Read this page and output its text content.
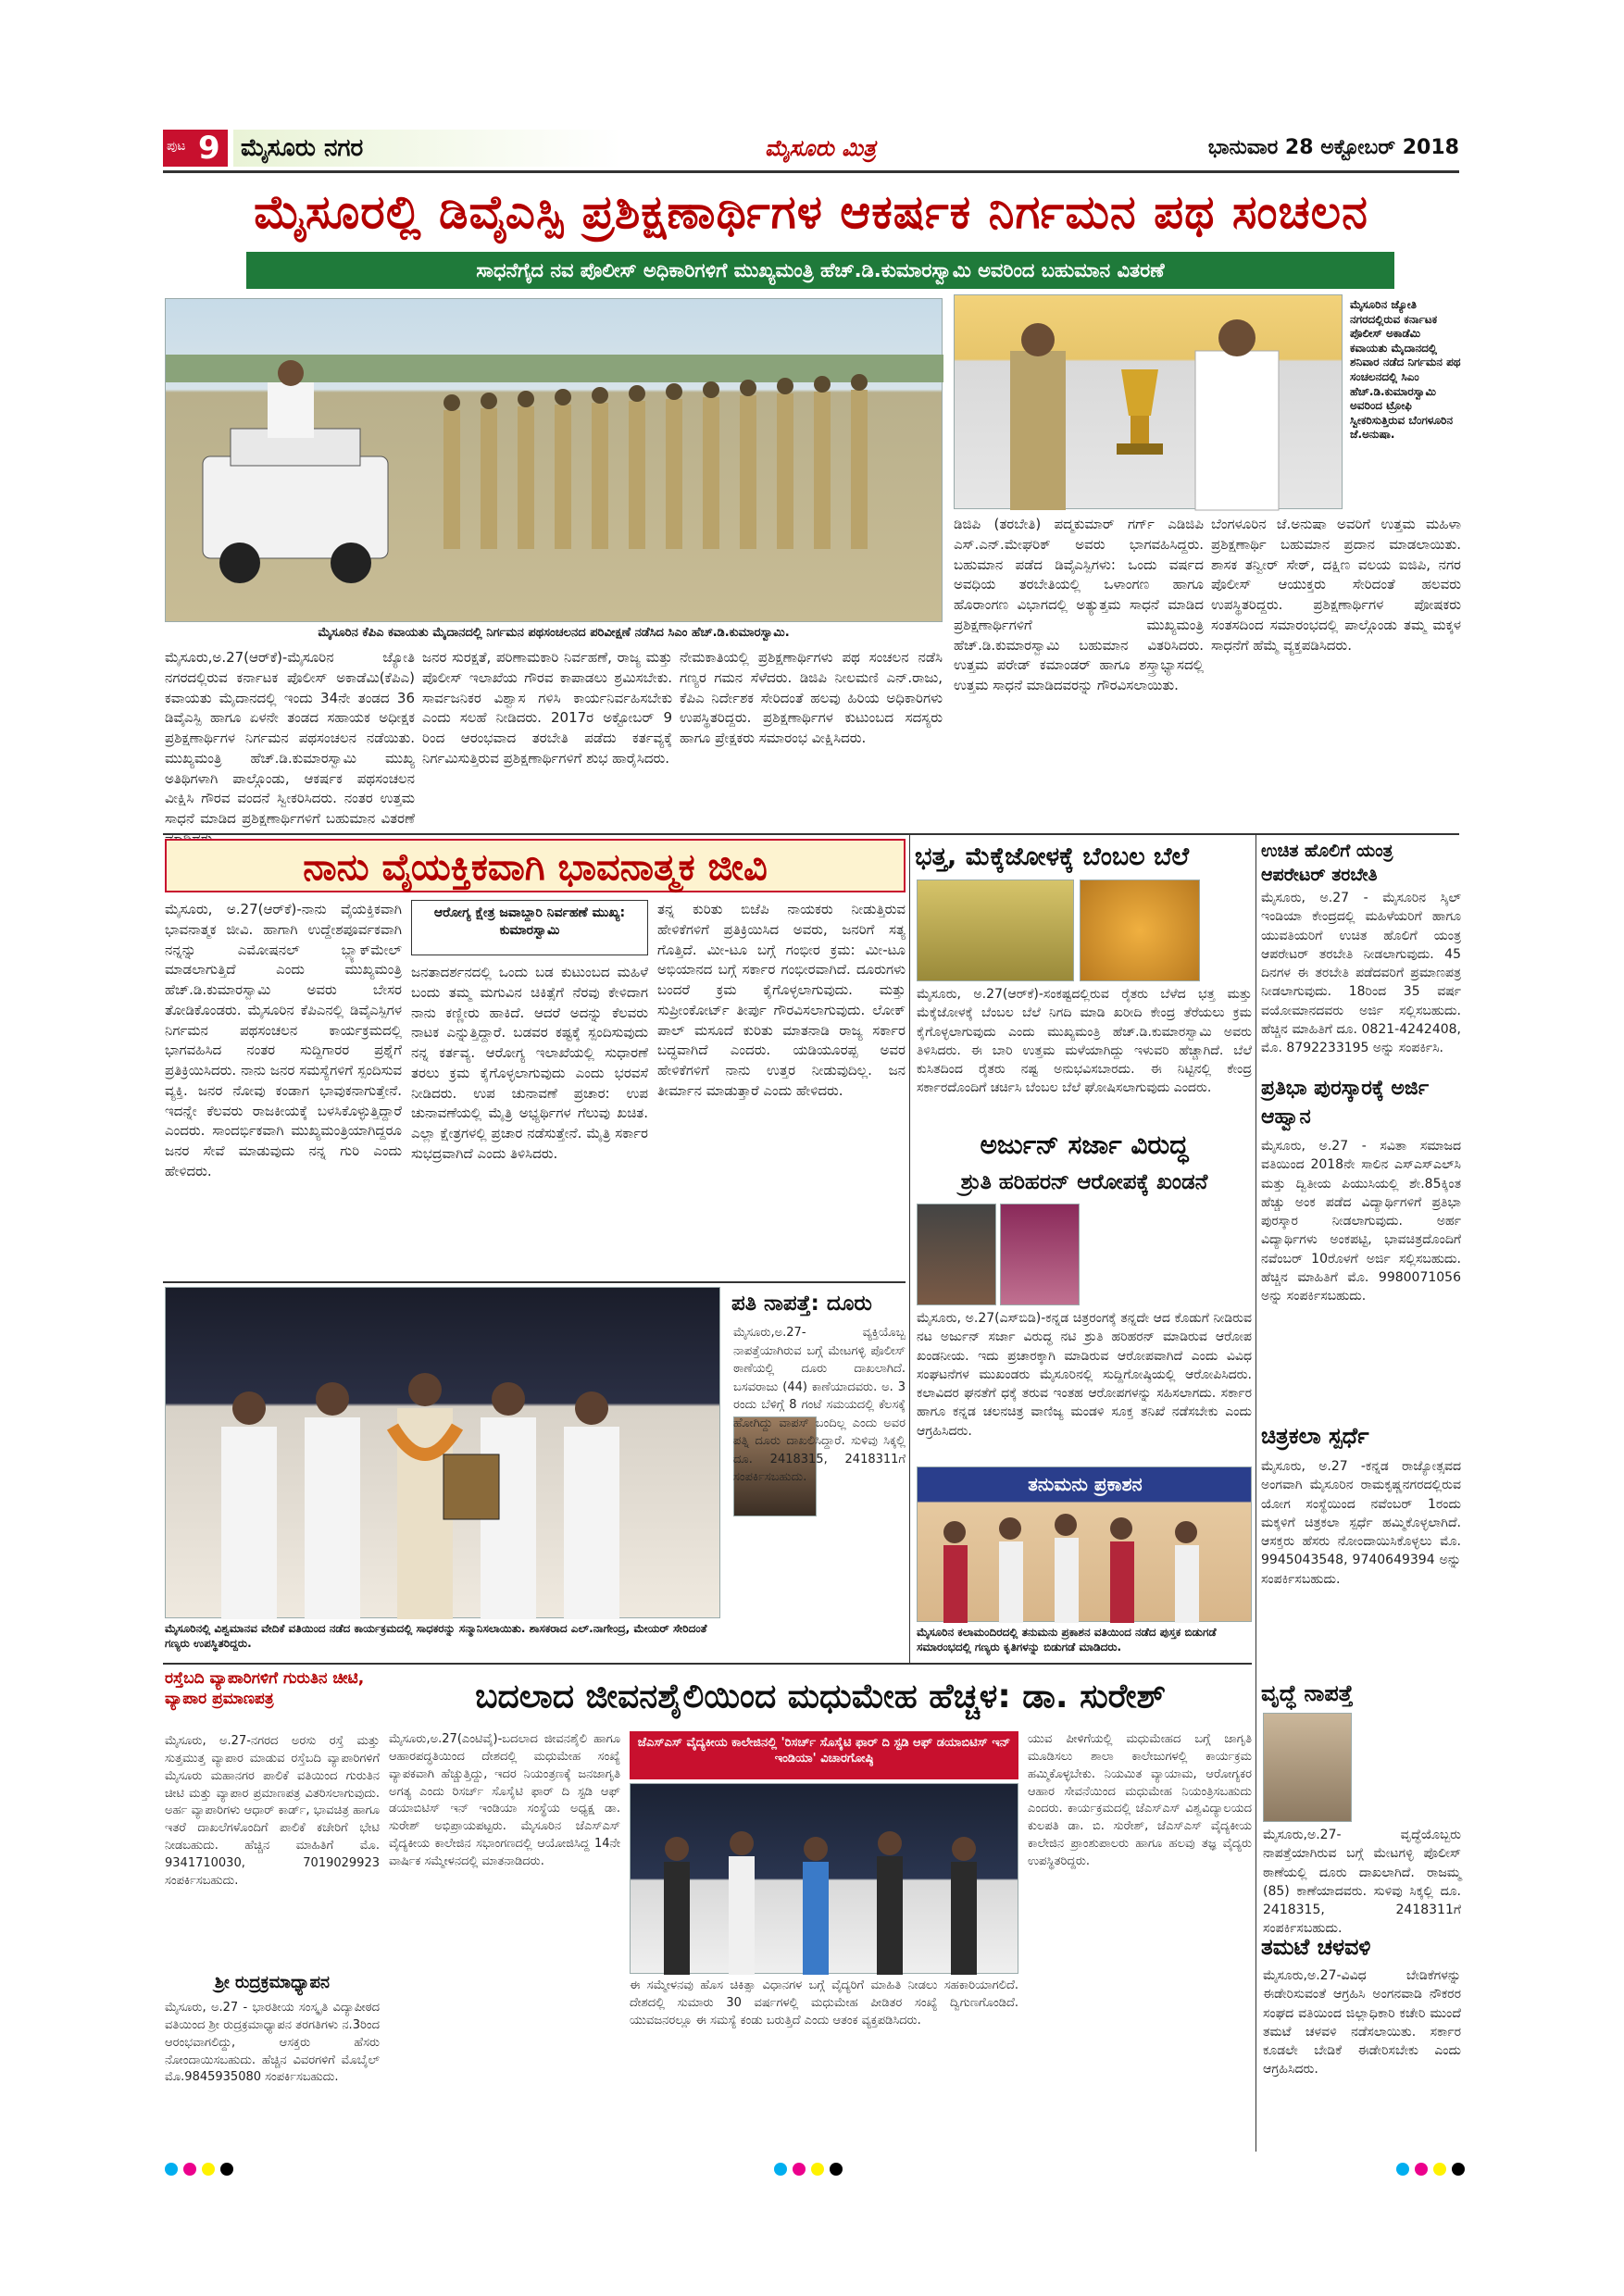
ಪುಟ 9 ಮೈಸೂರು ನಗರ	ಮೈಸೂರು ಮಿತ್ರ	ಭಾನುವಾರ 28 ಅಕ್ಟೋಬರ್ 2018
ಮೈಸೂರಲ್ಲಿ ಡಿವೈಎಸ್ಪಿ ಪ್ರಶಿಕ್ಷಣಾರ್ಥಿಗಳ ಆಕರ್ಷಕ ನಿರ್ಗಮನ ಪಥ ಸಂಚಲನ
ಸಾಧನೆಗೈದ ನವ ಪೊಲೀಸ್ ಅಧಿಕಾರಿಗಳಿಗೆ ಮುಖ್ಯಮಂತ್ರಿ ಹೆಚ್.ಡಿ.ಕುಮಾರಸ್ವಾಮಿ ಅವರಿಂದ ಬಹುಮಾನ ವಿತರಣೆ
ಮೈಸೂರಿನ ಕೆಪಿಎ ಕವಾಯತು ಮೈದಾನದಲ್ಲಿ ನಿರ್ಗಮನ ಪಥಸಂಚಲನದ ಪರಿವೀಕ್ಷಣೆ ನಡೆಸಿದ ಸಿಎಂ ಹೆಚ್.ಡಿ.ಕುಮಾರಸ್ವಾಮಿ.
ಮೈಸೂರಿನ ಜ್ಯೋತಿ ನಗರದಲ್ಲಿರುವ ಕರ್ನಾಟಕ ಪೊಲೀಸ್ ಅಕಾಡೆಮಿ ಕವಾಯತು ಮೈದಾನದಲ್ಲಿ ಶನಿವಾರ ನಡೆದ ನಿರ್ಗಮನ ಪಥ ಸಂಚಲನದಲ್ಲಿ ಸಿಎಂ ಹೆಚ್.ಡಿ.ಕುಮಾರಸ್ವಾಮಿ ಅವರಿಂದ ಟ್ರೋಫಿ ಸ್ವೀಕರಿಸುತ್ತಿರುವ ಬೆಂಗಳೂರಿನ ಜೆ.ಅನುಷಾ.
ಮೈಸೂರು,ಅ.27(ಆರ್‌ಕೆ)-ಮೈಸೂರಿನ ಜ್ಯೋತಿ ನಗರದಲ್ಲಿರುವ ಕರ್ನಾಟಕ ಪೊಲೀಸ್ ಅಕಾಡೆಮಿ(ಕೆಪಿಎ) ಕವಾಯತು ಮೈದಾನದಲ್ಲಿ ಇಂದು 34ನೇ ತಂಡದ 36 ಡಿವೈಎಸ್ಪಿ ಹಾಗೂ ಏಳನೇ ತಂಡದ ಸಹಾಯಕ ಅಧೀಕ್ಷಕ ಪ್ರಶಿಕ್ಷಣಾರ್ಥಿಗಳ ನಿರ್ಗಮನ ಪಥಸಂಚಲನ ನಡೆಯಿತು. ಮುಖ್ಯಮಂತ್ರಿ ಹೆಚ್.ಡಿ.ಕುಮಾರಸ್ವಾಮಿ ಮುಖ್ಯ ಅತಿಥಿಗಳಾಗಿ ಪಾಲ್ಗೊಂಡು, ಆಕರ್ಷಕ ಪಥಸಂಚಲನ ವೀಕ್ಷಿಸಿ ಗೌರವ ವಂದನೆ ಸ್ವೀಕರಿಸಿದರು. ನಂತರ ಉತ್ತಮ ಸಾಧನೆ ಮಾಡಿದ ಪ್ರಶಿಕ್ಷಣಾರ್ಥಿಗಳಿಗೆ ಬಹುಮಾನ ವಿತರಣೆ
ಜನರ ಸುರಕ್ಷತೆ, ಪರಿಣಾಮಕಾರಿ ನಿರ್ವಹಣೆ, ರಾಜ್ಯ ಮತ್ತು ಪೊಲೀಸ್ ಇಲಾಖೆಯ ಗೌರವ ಕಾಪಾಡಲು ಶ್ರಮಿಸಬೇಕು. ಸಾರ್ವಜನಿಕರ ವಿಶ್ವಾಸ ಗಳಿಸಿ ಕಾರ್ಯನಿರ್ವಹಿಸಬೇಕು ಎಂದು ಸಲಹೆ ನೀಡಿದರು. 2017ರ ಅಕ್ಟೋಬರ್ 9 ರಿಂದ ಆರಂಭವಾದ ತರಬೇತಿ ಪಡೆದು ಕರ್ತವ್ಯಕ್ಕೆ ನಿರ್ಗಮಿಸುತ್ತಿರುವ ಪ್ರಶಿಕ್ಷಣಾರ್ಥಿಗಳಿಗೆ ಶುಭ ಹಾರೈಸಿದರು.
ನೇಮಕಾತಿಯಲ್ಲಿ ಪ್ರಶಿಕ್ಷಣಾರ್ಥಿಗಳು ಪಥ ಸಂಚಲನ ನಡೆಸಿ ಗಣ್ಯರ ಗಮನ ಸೆಳೆದರು. ಡಿಜಿಪಿ ನೀಲಮಣಿ ಎನ್.ರಾಜು, ಕೆಪಿಎ ನಿರ್ದೇಶಕ ಸೇರಿದಂತೆ ಹಲವು ಹಿರಿಯ ಅಧಿಕಾರಿಗಳು ಉಪಸ್ಥಿತರಿದ್ದರು. ಪ್ರಶಿಕ್ಷಣಾರ್ಥಿಗಳ ಕುಟುಂಬದ ಸದಸ್ಯರು ಹಾಗೂ ಪ್ರೇಕ್ಷಕರು ಸಮಾರಂಭ ವೀಕ್ಷಿಸಿದರು.
ಡಿಜಿಪಿ (ತರಬೇತಿ) ಪದ್ಮಕುಮಾರ್ ಗರ್ಗ್ ಎಡಿಜಿಪಿ ಎಸ್.ಎನ್.ಮೇಘರಿಕ್ ಅವರು ಭಾಗವಹಿಸಿದ್ದರು. ಬಹುಮಾನ ಪಡೆದ ಡಿವೈಎಸ್ಪಿಗಳು: ಒಂದು ವರ್ಷದ ಅವಧಿಯ ತರಬೇತಿಯಲ್ಲಿ ಒಳಾಂಗಣ ಹಾಗೂ ಹೊರಾಂಗಣ ವಿಭಾಗದಲ್ಲಿ ಅತ್ಯುತ್ತಮ ಸಾಧನೆ ಮಾಡಿದ ಪ್ರಶಿಕ್ಷಣಾರ್ಥಿಗಳಿಗೆ ಮುಖ್ಯಮಂತ್ರಿ ಹೆಚ್.ಡಿ.ಕುಮಾರಸ್ವಾಮಿ ಬಹುಮಾನ ವಿತರಿಸಿದರು. ಉತ್ತಮ ಪರೇಡ್ ಕಮಾಂಡರ್ ಹಾಗೂ ಶಸ್ತ್ರಾಭ್ಯಾಸದಲ್ಲಿ ಉತ್ತಮ ಸಾಧನೆ ಮಾಡಿದವರನ್ನು ಗೌರವಿಸಲಾಯಿತು.
ಬೆಂಗಳೂರಿನ ಜೆ.ಅನುಷಾ ಅವರಿಗೆ ಉತ್ತಮ ಮಹಿಳಾ ಪ್ರಶಿಕ್ಷಣಾರ್ಥಿ ಬಹುಮಾನ ಪ್ರದಾನ ಮಾಡಲಾಯಿತು. ಶಾಸಕ ತನ್ವೀರ್ ಸೇಠ್, ದಕ್ಷಿಣ ವಲಯ ಐಜಿಪಿ, ನಗರ ಪೊಲೀಸ್ ಆಯುಕ್ತರು ಸೇರಿದಂತೆ ಹಲವರು ಉಪಸ್ಥಿತರಿದ್ದರು. ಪ್ರಶಿಕ್ಷಣಾರ್ಥಿಗಳ ಪೋಷಕರು ಸಂತಸದಿಂದ ಸಮಾರಂಭದಲ್ಲಿ ಪಾಲ್ಗೊಂಡು ತಮ್ಮ ಮಕ್ಕಳ ಸಾಧನೆಗೆ ಹೆಮ್ಮೆ ವ್ಯಕ್ತಪಡಿಸಿದರು.
ನಾನು ವೈಯಕ್ತಿಕವಾಗಿ ಭಾವನಾತ್ಮಕ ಜೀವಿ
ಮೈಸೂರು, ಅ.27(ಆರ್‌ಕೆ)-ನಾನು ವೈಯಕ್ತಿಕವಾಗಿ ಭಾವನಾತ್ಮಕ ಜೀವಿ. ಹಾಗಾಗಿ ಉದ್ದೇಶಪೂರ್ವಕವಾಗಿ ನನ್ನನ್ನು ಎಮೋಷನಲ್ ಬ್ಲ್ಯಾಕ್‌ಮೇಲ್ ಮಾಡಲಾಗುತ್ತಿದೆ ಎಂದು ಮುಖ್ಯಮಂತ್ರಿ ಹೆಚ್.ಡಿ.ಕುಮಾರಸ್ವಾಮಿ ಅವರು ಬೇಸರ ತೋಡಿಕೊಂಡರು. ಮೈಸೂರಿನ ಕೆಪಿಎನಲ್ಲಿ ಡಿವೈಎಸ್ಪಿಗಳ ನಿರ್ಗಮನ ಪಥಸಂಚಲನ ಕಾರ್ಯಕ್ರಮದಲ್ಲಿ ಭಾಗವಹಿಸಿದ ನಂತರ ಸುದ್ದಿಗಾರರ ಪ್ರಶ್ನೆಗೆ ಪ್ರತಿಕ್ರಿಯಿಸಿದರು. ನಾನು ಜನರ ಸಮಸ್ಯೆಗಳಿಗೆ ಸ್ಪಂದಿಸುವ ವ್ಯಕ್ತಿ. ಜನರ ನೋವು ಕಂಡಾಗ ಭಾವುಕನಾಗುತ್ತೇನೆ. ಇದನ್ನೇ ಕೆಲವರು ರಾಜಕೀಯಕ್ಕೆ ಬಳಸಿಕೊಳ್ಳುತ್ತಿದ್ದಾರೆ ಎಂದರು. ಸಾಂದರ್ಭಿಕವಾಗಿ ಮುಖ್ಯಮಂತ್ರಿಯಾಗಿದ್ದರೂ ಜನರ ಸೇವೆ ಮಾಡುವುದು ನನ್ನ ಗುರಿ ಎಂದು ಹೇಳಿದರು.
ಆರೋಗ್ಯ ಕ್ಷೇತ್ರ ಜವಾಬ್ದಾರಿ ನಿರ್ವಹಣೆ ಮುಖ್ಯ: ಕುಮಾರಸ್ವಾಮಿ
ಜನತಾದರ್ಶನದಲ್ಲಿ ಒಂದು ಬಡ ಕುಟುಂಬದ ಮಹಿಳೆ ಬಂದು ತಮ್ಮ ಮಗುವಿನ ಚಿಕಿತ್ಸೆಗೆ ನೆರವು ಕೇಳಿದಾಗ ನಾನು ಕಣ್ಣೀರು ಹಾಕಿದೆ. ಆದರೆ ಅದನ್ನು ಕೆಲವರು ನಾಟಕ ಎನ್ನುತ್ತಿದ್ದಾರೆ. ಬಡವರ ಕಷ್ಟಕ್ಕೆ ಸ್ಪಂದಿಸುವುದು ನನ್ನ ಕರ್ತವ್ಯ. ಆರೋಗ್ಯ ಇಲಾಖೆಯಲ್ಲಿ ಸುಧಾರಣೆ ತರಲು ಕ್ರಮ ಕೈಗೊಳ್ಳಲಾಗುವುದು ಎಂದು ಭರವಸೆ ನೀಡಿದರು. ಉಪ ಚುನಾವಣೆ ಪ್ರಚಾರ: ಉಪ ಚುನಾವಣೆಯಲ್ಲಿ ಮೈತ್ರಿ ಅಭ್ಯರ್ಥಿಗಳ ಗೆಲುವು ಖಚಿತ. ಎಲ್ಲಾ ಕ್ಷೇತ್ರಗಳಲ್ಲಿ ಪ್ರಚಾರ ನಡೆಸುತ್ತೇನೆ. ಮೈತ್ರಿ ಸರ್ಕಾರ ಸುಭದ್ರವಾಗಿದೆ ಎಂದು ತಿಳಿಸಿದರು.
ತನ್ನ ಕುರಿತು ಬಿಜೆಪಿ ನಾಯಕರು ನೀಡುತ್ತಿರುವ ಹೇಳಿಕೆಗಳಿಗೆ ಪ್ರತಿಕ್ರಿಯಿಸಿದ ಅವರು, ಜನರಿಗೆ ಸತ್ಯ ಗೊತ್ತಿದೆ. ಮೀ-ಟೂ ಬಗ್ಗೆ ಗಂಭೀರ ಕ್ರಮ: ಮೀ-ಟೂ ಅಭಿಯಾನದ ಬಗ್ಗೆ ಸರ್ಕಾರ ಗಂಭೀರವಾಗಿದೆ. ದೂರುಗಳು ಬಂದರೆ ಕ್ರಮ ಕೈಗೊಳ್ಳಲಾಗುವುದು. ಮತ್ತು ಸುಪ್ರೀಂಕೋರ್ಟ್ ತೀರ್ಪು ಗೌರವಿಸಲಾಗುವುದು. ಲೋಕ್ ಪಾಲ್ ಮಸೂದೆ ಕುರಿತು ಮಾತನಾಡಿ ರಾಜ್ಯ ಸರ್ಕಾರ ಬದ್ಧವಾಗಿದೆ ಎಂದರು. ಯಡಿಯೂರಪ್ಪ ಅವರ ಹೇಳಿಕೆಗಳಿಗೆ ನಾನು ಉತ್ತರ ನೀಡುವುದಿಲ್ಲ. ಜನ ತೀರ್ಮಾನ ಮಾಡುತ್ತಾರೆ ಎಂದು ಹೇಳಿದರು.
ಭತ್ತ, ಮೆಕ್ಕೆಜೋಳಕ್ಕೆ ಬೆಂಬಲ ಬೆಲೆ
ಮೈಸೂರು, ಅ.27(ಆರ್‌ಕೆ)-ಸಂಕಷ್ಟದಲ್ಲಿರುವ ರೈತರು ಬೆಳೆದ ಭತ್ತ ಮತ್ತು ಮೆಕ್ಕೆಜೋಳಕ್ಕೆ ಬೆಂಬಲ ಬೆಲೆ ನಿಗದಿ ಮಾಡಿ ಖರೀದಿ ಕೇಂದ್ರ ತೆರೆಯಲು ಕ್ರಮ ಕೈಗೊಳ್ಳಲಾಗುವುದು ಎಂದು ಮುಖ್ಯಮಂತ್ರಿ ಹೆಚ್.ಡಿ.ಕುಮಾರಸ್ವಾಮಿ ಅವರು ತಿಳಿಸಿದರು. ಈ ಬಾರಿ ಉತ್ತಮ ಮಳೆಯಾಗಿದ್ದು ಇಳುವರಿ ಹೆಚ್ಚಾಗಿದೆ. ಬೆಲೆ ಕುಸಿತದಿಂದ ರೈತರು ನಷ್ಟ ಅನುಭವಿಸಬಾರದು. ಈ ನಿಟ್ಟಿನಲ್ಲಿ ಕೇಂದ್ರ ಸರ್ಕಾರದೊಂದಿಗೆ ಚರ್ಚಿಸಿ ಬೆಂಬಲ ಬೆಲೆ ಘೋಷಿಸಲಾಗುವುದು ಎಂದರು.
ಅರ್ಜುನ್ ಸರ್ಜಾ ವಿರುದ್ಧ
ಶ್ರುತಿ ಹರಿಹರನ್ ಆರೋಪಕ್ಕೆ ಖಂಡನೆ
ಮೈಸೂರು, ಅ.27(ಎಸ್‌ಬಿಡಿ)-ಕನ್ನಡ ಚಿತ್ರರಂಗಕ್ಕೆ ತನ್ನದೇ ಆದ ಕೊಡುಗೆ ನೀಡಿರುವ ನಟ ಅರ್ಜುನ್ ಸರ್ಜಾ ವಿರುದ್ಧ ನಟಿ ಶ್ರುತಿ ಹರಿಹರನ್ ಮಾಡಿರುವ ಆರೋಪ ಖಂಡನೀಯ. ಇದು ಪ್ರಚಾರಕ್ಕಾಗಿ ಮಾಡಿರುವ ಆರೋಪವಾಗಿದೆ ಎಂದು ವಿವಿಧ ಸಂಘಟನೆಗಳ ಮುಖಂಡರು ಮೈಸೂರಿನಲ್ಲಿ ಸುದ್ದಿಗೋಷ್ಠಿಯಲ್ಲಿ ಆರೋಪಿಸಿದರು. ಕಲಾವಿದರ ಘನತೆಗೆ ಧಕ್ಕೆ ತರುವ ಇಂತಹ ಆರೋಪಗಳನ್ನು ಸಹಿಸಲಾಗದು. ಸರ್ಕಾರ ಹಾಗೂ ಕನ್ನಡ ಚಲನಚಿತ್ರ ವಾಣಿಜ್ಯ ಮಂಡಳಿ ಸೂಕ್ತ ತನಿಖೆ ನಡೆಸಬೇಕು ಎಂದು ಆಗ್ರಹಿಸಿದರು.
ಉಚಿತ ಹೊಲಿಗೆ ಯಂತ್ರ ಆಪರೇಟರ್ ತರಬೇತಿ
ಮೈಸೂರು, ಅ.27 - ಮೈಸೂರಿನ ಸ್ಕಿಲ್ ಇಂಡಿಯಾ ಕೇಂದ್ರದಲ್ಲಿ ಮಹಿಳೆಯರಿಗೆ ಹಾಗೂ ಯುವತಿಯರಿಗೆ ಉಚಿತ ಹೊಲಿಗೆ ಯಂತ್ರ ಆಪರೇಟರ್ ತರಬೇತಿ ನೀಡಲಾಗುವುದು. 45 ದಿನಗಳ ಈ ತರಬೇತಿ ಪಡೆದವರಿಗೆ ಪ್ರಮಾಣಪತ್ರ ನೀಡಲಾಗುವುದು. 18ರಿಂದ 35 ವರ್ಷ ವಯೋಮಾನದವರು ಅರ್ಜಿ ಸಲ್ಲಿಸಬಹುದು. ಹೆಚ್ಚಿನ ಮಾಹಿತಿಗೆ ದೂ. 0821-4242408, ಮೊ. 8792233195 ಅನ್ನು ಸಂಪರ್ಕಿಸಿ.
ಪ್ರತಿಭಾ ಪುರಸ್ಕಾರಕ್ಕೆ ಅರ್ಜಿ ಆಹ್ವಾನ
ಮೈಸೂರು, ಅ.27 - ಸವಿತಾ ಸಮಾಜದ ವತಿಯಿಂದ 2018ನೇ ಸಾಲಿನ ಎಸ್‌ಎಸ್‌ಎಲ್‌ಸಿ ಮತ್ತು ದ್ವಿತೀಯ ಪಿಯುಸಿಯಲ್ಲಿ ಶೇ.85ಕ್ಕಿಂತ ಹೆಚ್ಚು ಅಂಕ ಪಡೆದ ವಿದ್ಯಾರ್ಥಿಗಳಿಗೆ ಪ್ರತಿಭಾ ಪುರಸ್ಕಾರ ನೀಡಲಾಗುವುದು. ಅರ್ಹ ವಿದ್ಯಾರ್ಥಿಗಳು ಅಂಕಪಟ್ಟಿ, ಭಾವಚಿತ್ರದೊಂದಿಗೆ ನವೆಂಬರ್ 10ರೊಳಗೆ ಅರ್ಜಿ ಸಲ್ಲಿಸಬಹುದು. ಹೆಚ್ಚಿನ ಮಾಹಿತಿಗೆ ಮೊ. 9980071056 ಅನ್ನು ಸಂಪರ್ಕಿಸಬಹುದು.
ಚಿತ್ರಕಲಾ ಸ್ಪರ್ಧೆ
ಮೈಸೂರು, ಅ.27 -ಕನ್ನಡ ರಾಜ್ಯೋತ್ಸವದ ಅಂಗವಾಗಿ ಮೈಸೂರಿನ ರಾಮಕೃಷ್ಣನಗರದಲ್ಲಿರುವ ಯೋಗ ಸಂಸ್ಥೆಯಿಂದ ನವೆಂಬರ್ 1ರಂದು ಮಕ್ಕಳಿಗೆ ಚಿತ್ರಕಲಾ ಸ್ಪರ್ಧೆ ಹಮ್ಮಿಕೊಳ್ಳಲಾಗಿದೆ. ಆಸಕ್ತರು ಹೆಸರು ನೋಂದಾಯಿಸಿಕೊಳ್ಳಲು ಮೊ. 9945043548, 9740649394 ಅನ್ನು ಸಂಪರ್ಕಿಸಬಹುದು.
ವೃದ್ಧೆ ನಾಪತ್ತೆ
ಮೈಸೂರು,ಅ.27- ವೃದ್ಧೆಯೊಬ್ಬರು ನಾಪತ್ತೆಯಾಗಿರುವ ಬಗ್ಗೆ ಮೇಟಗಳ್ಳಿ ಪೊಲೀಸ್ ಠಾಣೆಯಲ್ಲಿ ದೂರು ದಾಖಲಾಗಿದೆ. ರಾಜಮ್ಮ (85) ಕಾಣೆಯಾದವರು. ಸುಳಿವು ಸಿಕ್ಕಲ್ಲಿ ದೂ. 2418315, 2418311ಗೆ ಸಂಪರ್ಕಿಸಬಹುದು.
ತಮಟೆ ಚಳವಳಿ
ಮೈಸೂರು,ಅ.27-ವಿವಿಧ ಬೇಡಿಕೆಗಳನ್ನು ಈಡೇರಿಸುವಂತೆ ಆಗ್ರಹಿಸಿ ಅಂಗನವಾಡಿ ನೌಕರರ ಸಂಘದ ವತಿಯಿಂದ ಜಿಲ್ಲಾಧಿಕಾರಿ ಕಚೇರಿ ಮುಂದೆ ತಮಟೆ ಚಳವಳಿ ನಡೆಸಲಾಯಿತು. ಸರ್ಕಾರ ಕೂಡಲೇ ಬೇಡಿಕೆ ಈಡೇರಿಸಬೇಕು ಎಂದು ಆಗ್ರಹಿಸಿದರು.
ಮೈಸೂರಿನಲ್ಲಿ ವಿಶ್ವಮಾನವ ವೇದಿಕೆ ವತಿಯಿಂದ ನಡೆದ ಕಾರ್ಯಕ್ರಮದಲ್ಲಿ ಸಾಧಕರನ್ನು ಸನ್ಮಾನಿಸಲಾಯಿತು. ಶಾಸಕರಾದ ಎಲ್.ನಾಗೇಂದ್ರ, ಮೇಯರ್ ಸೇರಿದಂತೆ ಗಣ್ಯರು ಉಪಸ್ಥಿತರಿದ್ದರು.
ಪತಿ ನಾಪತ್ತೆ: ದೂರು
ಮೈಸೂರು,ಅ.27- ವ್ಯಕ್ತಿಯೊಬ್ಬ ನಾಪತ್ತೆಯಾಗಿರುವ ಬಗ್ಗೆ ಮೇಟಗಳ್ಳಿ ಪೊಲೀಸ್ ಠಾಣೆಯಲ್ಲಿ ದೂರು ದಾಖಲಾಗಿದೆ. ಬಸವರಾಜು (44) ಕಾಣೆಯಾದವರು. ಅ. 3 ರಂದು ಬೆಳಿಗ್ಗೆ 8 ಗಂಟೆ ಸಮಯದಲ್ಲಿ ಕೆಲಸಕ್ಕೆ ಹೋಗಿದ್ದು ವಾಪಸ್ ಬಂದಿಲ್ಲ ಎಂದು ಅವರ ಪತ್ನಿ ದೂರು ದಾಖಲಿಸಿದ್ದಾರೆ. ಸುಳಿವು ಸಿಕ್ಕಲ್ಲಿ ದೂ. 2418315, 2418311ಗೆ ಸಂಪರ್ಕಿಸಬಹುದು.	ತನುಮನು ಪ್ರಕಾಶನ
ಮೈಸೂರಿನ ಕಲಾಮಂದಿರದಲ್ಲಿ ತನುಮನು ಪ್ರಕಾಶನ ವತಿಯಿಂದ ನಡೆದ ಪುಸ್ತಕ ಬಿಡುಗಡೆ ಸಮಾರಂಭದಲ್ಲಿ ಗಣ್ಯರು ಕೃತಿಗಳನ್ನು ಬಿಡುಗಡೆ ಮಾಡಿದರು.
ರಸ್ತೆಬದಿ ವ್ಯಾಪಾರಿಗಳಿಗೆ ಗುರುತಿನ ಚೀಟಿ, ವ್ಯಾಪಾರ ಪ್ರಮಾಣಪತ್ರ
ಮೈಸೂರು, ಅ.27-ನಗರದ ಅರಸು ರಸ್ತೆ ಮತ್ತು ಸುತ್ತಮುತ್ತ ವ್ಯಾಪಾರ ಮಾಡುವ ರಸ್ತೆಬದಿ ವ್ಯಾಪಾರಿಗಳಿಗೆ ಮೈಸೂರು ಮಹಾನಗರ ಪಾಲಿಕೆ ವತಿಯಿಂದ ಗುರುತಿನ ಚೀಟಿ ಮತ್ತು ವ್ಯಾಪಾರ ಪ್ರಮಾಣಪತ್ರ ವಿತರಿಸಲಾಗುವುದು. ಅರ್ಹ ವ್ಯಾಪಾರಿಗಳು ಆಧಾರ್ ಕಾರ್ಡ್, ಭಾವಚಿತ್ರ ಹಾಗೂ ಇತರೆ ದಾಖಲೆಗಳೊಂದಿಗೆ ಪಾಲಿಕೆ ಕಚೇರಿಗೆ ಭೇಟಿ ನೀಡಬಹುದು. ಹೆಚ್ಚಿನ ಮಾಹಿತಿಗೆ ಮೊ. 9341710030, 7019029923 ಸಂಪರ್ಕಿಸಬಹುದು.
ಶ್ರೀ ರುದ್ರಕ್ರಮಾಧ್ಯಾಪನ
ಮೈಸೂರು, ಅ.27 - ಭಾರತೀಯ ಸಂಸ್ಕೃತಿ ವಿದ್ಯಾಪೀಠದ ವತಿಯಿಂದ ಶ್ರೀ ರುದ್ರಕ್ರಮಾಧ್ಯಾಪನ ತರಗತಿಗಳು ನ.3ರಿಂದ ಆರಂಭವಾಗಲಿದ್ದು, ಆಸಕ್ತರು ಹೆಸರು ನೋಂದಾಯಿಸಬಹುದು. ಹೆಚ್ಚಿನ ವಿವರಗಳಿಗೆ ಮೊಬೈಲ್ ಮೊ.9845935080 ಸಂಪರ್ಕಿಸಬಹುದು.
ಬದಲಾದ ಜೀವನಶೈಲಿಯಿಂದ ಮಧುಮೇಹ ಹೆಚ್ಚಳ: ಡಾ. ಸುರೇಶ್
ಮೈಸೂರು,ಅ.27(ಎಂಟಿವೈ)-ಬದಲಾದ ಜೀವನಶೈಲಿ ಹಾಗೂ ಆಹಾರಪದ್ಧತಿಯಿಂದ ದೇಶದಲ್ಲಿ ಮಧುಮೇಹ ಸಂಖ್ಯೆ ವ್ಯಾಪಕವಾಗಿ ಹೆಚ್ಚುತ್ತಿದ್ದು, ಇದರ ನಿಯಂತ್ರಣಕ್ಕೆ ಜನಜಾಗೃತಿ ಅಗತ್ಯ ಎಂದು ರಿಸರ್ಚ್ ಸೊಸೈಟಿ ಫಾರ್ ದಿ ಸ್ಟಡಿ ಆಫ್ ಡಯಾಬಿಟಿಸ್ ಇನ್ ಇಂಡಿಯಾ ಸಂಸ್ಥೆಯ ಅಧ್ಯಕ್ಷ ಡಾ. ಸುರೇಶ್ ಅಭಿಪ್ರಾಯಪಟ್ಟರು. ಮೈಸೂರಿನ ಜೆಎಸ್‌ಎಸ್ ವೈದ್ಯಕೀಯ ಕಾಲೇಜಿನ ಸಭಾಂಗಣದಲ್ಲಿ ಆಯೋಜಿಸಿದ್ದ 14ನೇ ವಾರ್ಷಿಕ ಸಮ್ಮೇಳನದಲ್ಲಿ ಮಾತನಾಡಿದರು.
ಜೆಎಸ್‌ಎಸ್ ವೈದ್ಯಕೀಯ ಕಾಲೇಜಿನಲ್ಲಿ 'ರಿಸರ್ಚ್ ಸೊಸೈಟಿ ಫಾರ್ ದಿ ಸ್ಟಡಿ ಆಫ್ ಡಯಾಬಿಟಿಸ್ ಇನ್ ಇಂಡಿಯಾ' ವಿಚಾರಗೋಷ್ಠಿ
ಈ ಸಮ್ಮೇಳನವು ಹೊಸ ಚಿಕಿತ್ಸಾ ವಿಧಾನಗಳ ಬಗ್ಗೆ ವೈದ್ಯರಿಗೆ ಮಾಹಿತಿ ನೀಡಲು ಸಹಕಾರಿಯಾಗಲಿದೆ. ದೇಶದಲ್ಲಿ ಸುಮಾರು 30 ವರ್ಷಗಳಲ್ಲಿ ಮಧುಮೇಹ ಪೀಡಿತರ ಸಂಖ್ಯೆ ದ್ವಿಗುಣಗೊಂಡಿದೆ. ಯುವಜನರಲ್ಲೂ ಈ ಸಮಸ್ಯೆ ಕಂಡು ಬರುತ್ತಿದೆ ಎಂದು ಆತಂಕ ವ್ಯಕ್ತಪಡಿಸಿದರು.
ಯುವ ಪೀಳಿಗೆಯಲ್ಲಿ ಮಧುಮೇಹದ ಬಗ್ಗೆ ಜಾಗೃತಿ ಮೂಡಿಸಲು ಶಾಲಾ ಕಾಲೇಜುಗಳಲ್ಲಿ ಕಾರ್ಯಕ್ರಮ ಹಮ್ಮಿಕೊಳ್ಳಬೇಕು. ನಿಯಮಿತ ವ್ಯಾಯಾಮ, ಆರೋಗ್ಯಕರ ಆಹಾರ ಸೇವನೆಯಿಂದ ಮಧುಮೇಹ ನಿಯಂತ್ರಿಸಬಹುದು ಎಂದರು. ಕಾರ್ಯಕ್ರಮದಲ್ಲಿ ಜೆಎಸ್‌ಎಸ್ ವಿಶ್ವವಿದ್ಯಾಲಯದ ಕುಲಪತಿ ಡಾ. ಬಿ. ಸುರೇಶ್, ಜೆಎಸ್‌ಎಸ್ ವೈದ್ಯಕೀಯ ಕಾಲೇಜಿನ ಪ್ರಾಂಶುಪಾಲರು ಹಾಗೂ ಹಲವು ತಜ್ಞ ವೈದ್ಯರು ಉಪಸ್ಥಿತರಿದ್ದರು.
